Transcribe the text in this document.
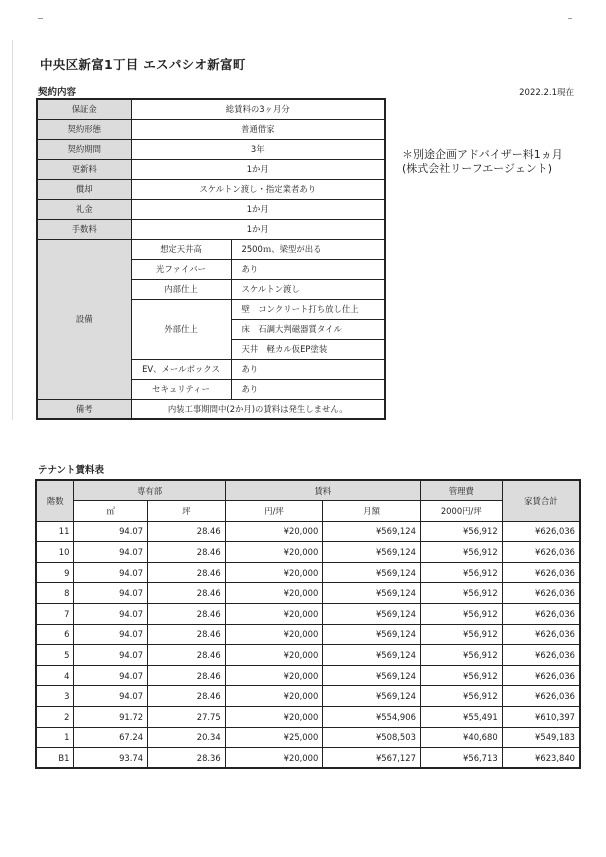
中央区新富1丁目 エスパシオ新富町
契約内容	2022.2.1現在
保証金	総賃料の3ヶ月分	
契約形態	普通借家	
契約期間	3年	
更新料	1か月	
償却	スケルトン渡し・指定業者あり	
礼金	1か月	
手数料	1か月	
設備	想定天井高	2500ｍ、梁型が出る
	光ファイバー	あり
	内部仕上	スケルトン渡し
	外部仕上	壁　コンクリート打ち放し仕上
		床　石調大判磁器質タイル
		天井　軽カル仮EP塗装
	EV、メールボックス	あり
	セキュリティー	あり
備考	内装工事期間中(2か月)の賃料は発生しません。	
＊別途企画アドバイザー料1ヵ月
(株式会社リーフエージェント)
テナント賃料表
階数	専有部		賃料		管理費	家賃合計
	㎡	坪	円/坪	月額	2000円/坪	
11	94.07	28.46	¥20,000	¥569,124	¥56,912	¥626,036
10	94.07	28.46	¥20,000	¥569,124	¥56,912	¥626,036
9	94.07	28.46	¥20,000	¥569,124	¥56,912	¥626,036
8	94.07	28.46	¥20,000	¥569,124	¥56,912	¥626,036
7	94.07	28.46	¥20,000	¥569,124	¥56,912	¥626,036
6	94.07	28.46	¥20,000	¥569,124	¥56,912	¥626,036
5	94.07	28.46	¥20,000	¥569,124	¥56,912	¥626,036
4	94.07	28.46	¥20,000	¥569,124	¥56,912	¥626,036
3	94.07	28.46	¥20,000	¥569,124	¥56,912	¥626,036
2	91.72	27.75	¥20,000	¥554,906	¥55,491	¥610,397
1	67.24	20.34	¥25,000	¥508,503	¥40,680	¥549,183
B1	93.74	28.36	¥20,000	¥567,127	¥56,713	¥623,840
